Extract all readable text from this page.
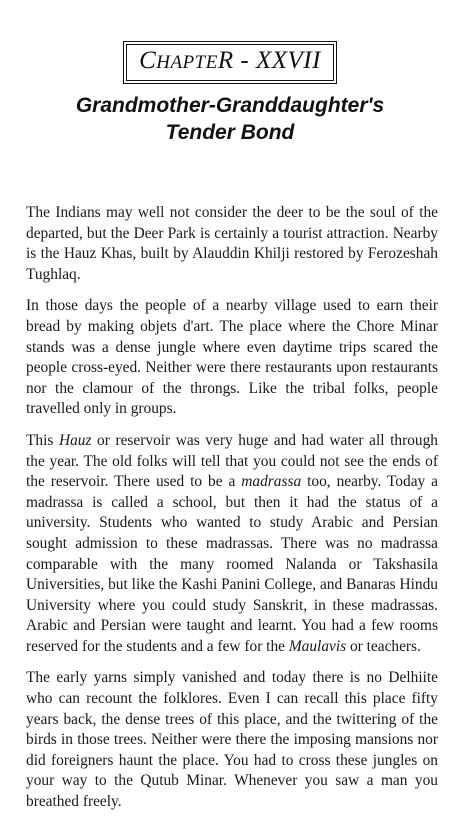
CHAPTER - XXVII
Grandmother-Granddaughter's
Tender Bond

The Indians may well not consider the deer to be the soul of the departed, but the Deer Park is certainly a tourist attraction. Nearby is the Hauz Khas, built by Alauddin Khilji restored by Ferozeshah Tughlaq.

In those days the people of a nearby village used to earn their bread by making objets d'art. The place where the Chore Minar stands was a dense jungle where even daytime trips scared the people cross-eyed. Neither were there restaurants upon restaurants nor the clamour of the throngs. Like the tribal folks, people travelled only in groups.

This Hauz or reservoir was very huge and had water all through the year. The old folks will tell that you could not see the ends of the reservoir. There used to be a madrassa too, nearby. Today a madrassa is called a school, but then it had the status of a university. Students who wanted to study Arabic and Persian sought admission to these madrassas. There was no madrassa comparable with the many roomed Nalanda or Takshasila Universities, but like the Kashi Panini College, and Banaras Hindu University where you could study Sanskrit, in these madrassas. Arabic and Persian were taught and learnt. You had a few rooms reserved for the students and a few for the Maulavis or teachers.

The early yarns simply vanished and today there is no Delhiite who can recount the folklores. Even I can recall this place fifty years back, the dense trees of this place, and the twittering of the birds in those trees. Neither were there the imposing mansions nor did foreigners haunt the place. You had to cross these jungles on your way to the Qutub Minar. Whenever you saw a man you breathed freely.
